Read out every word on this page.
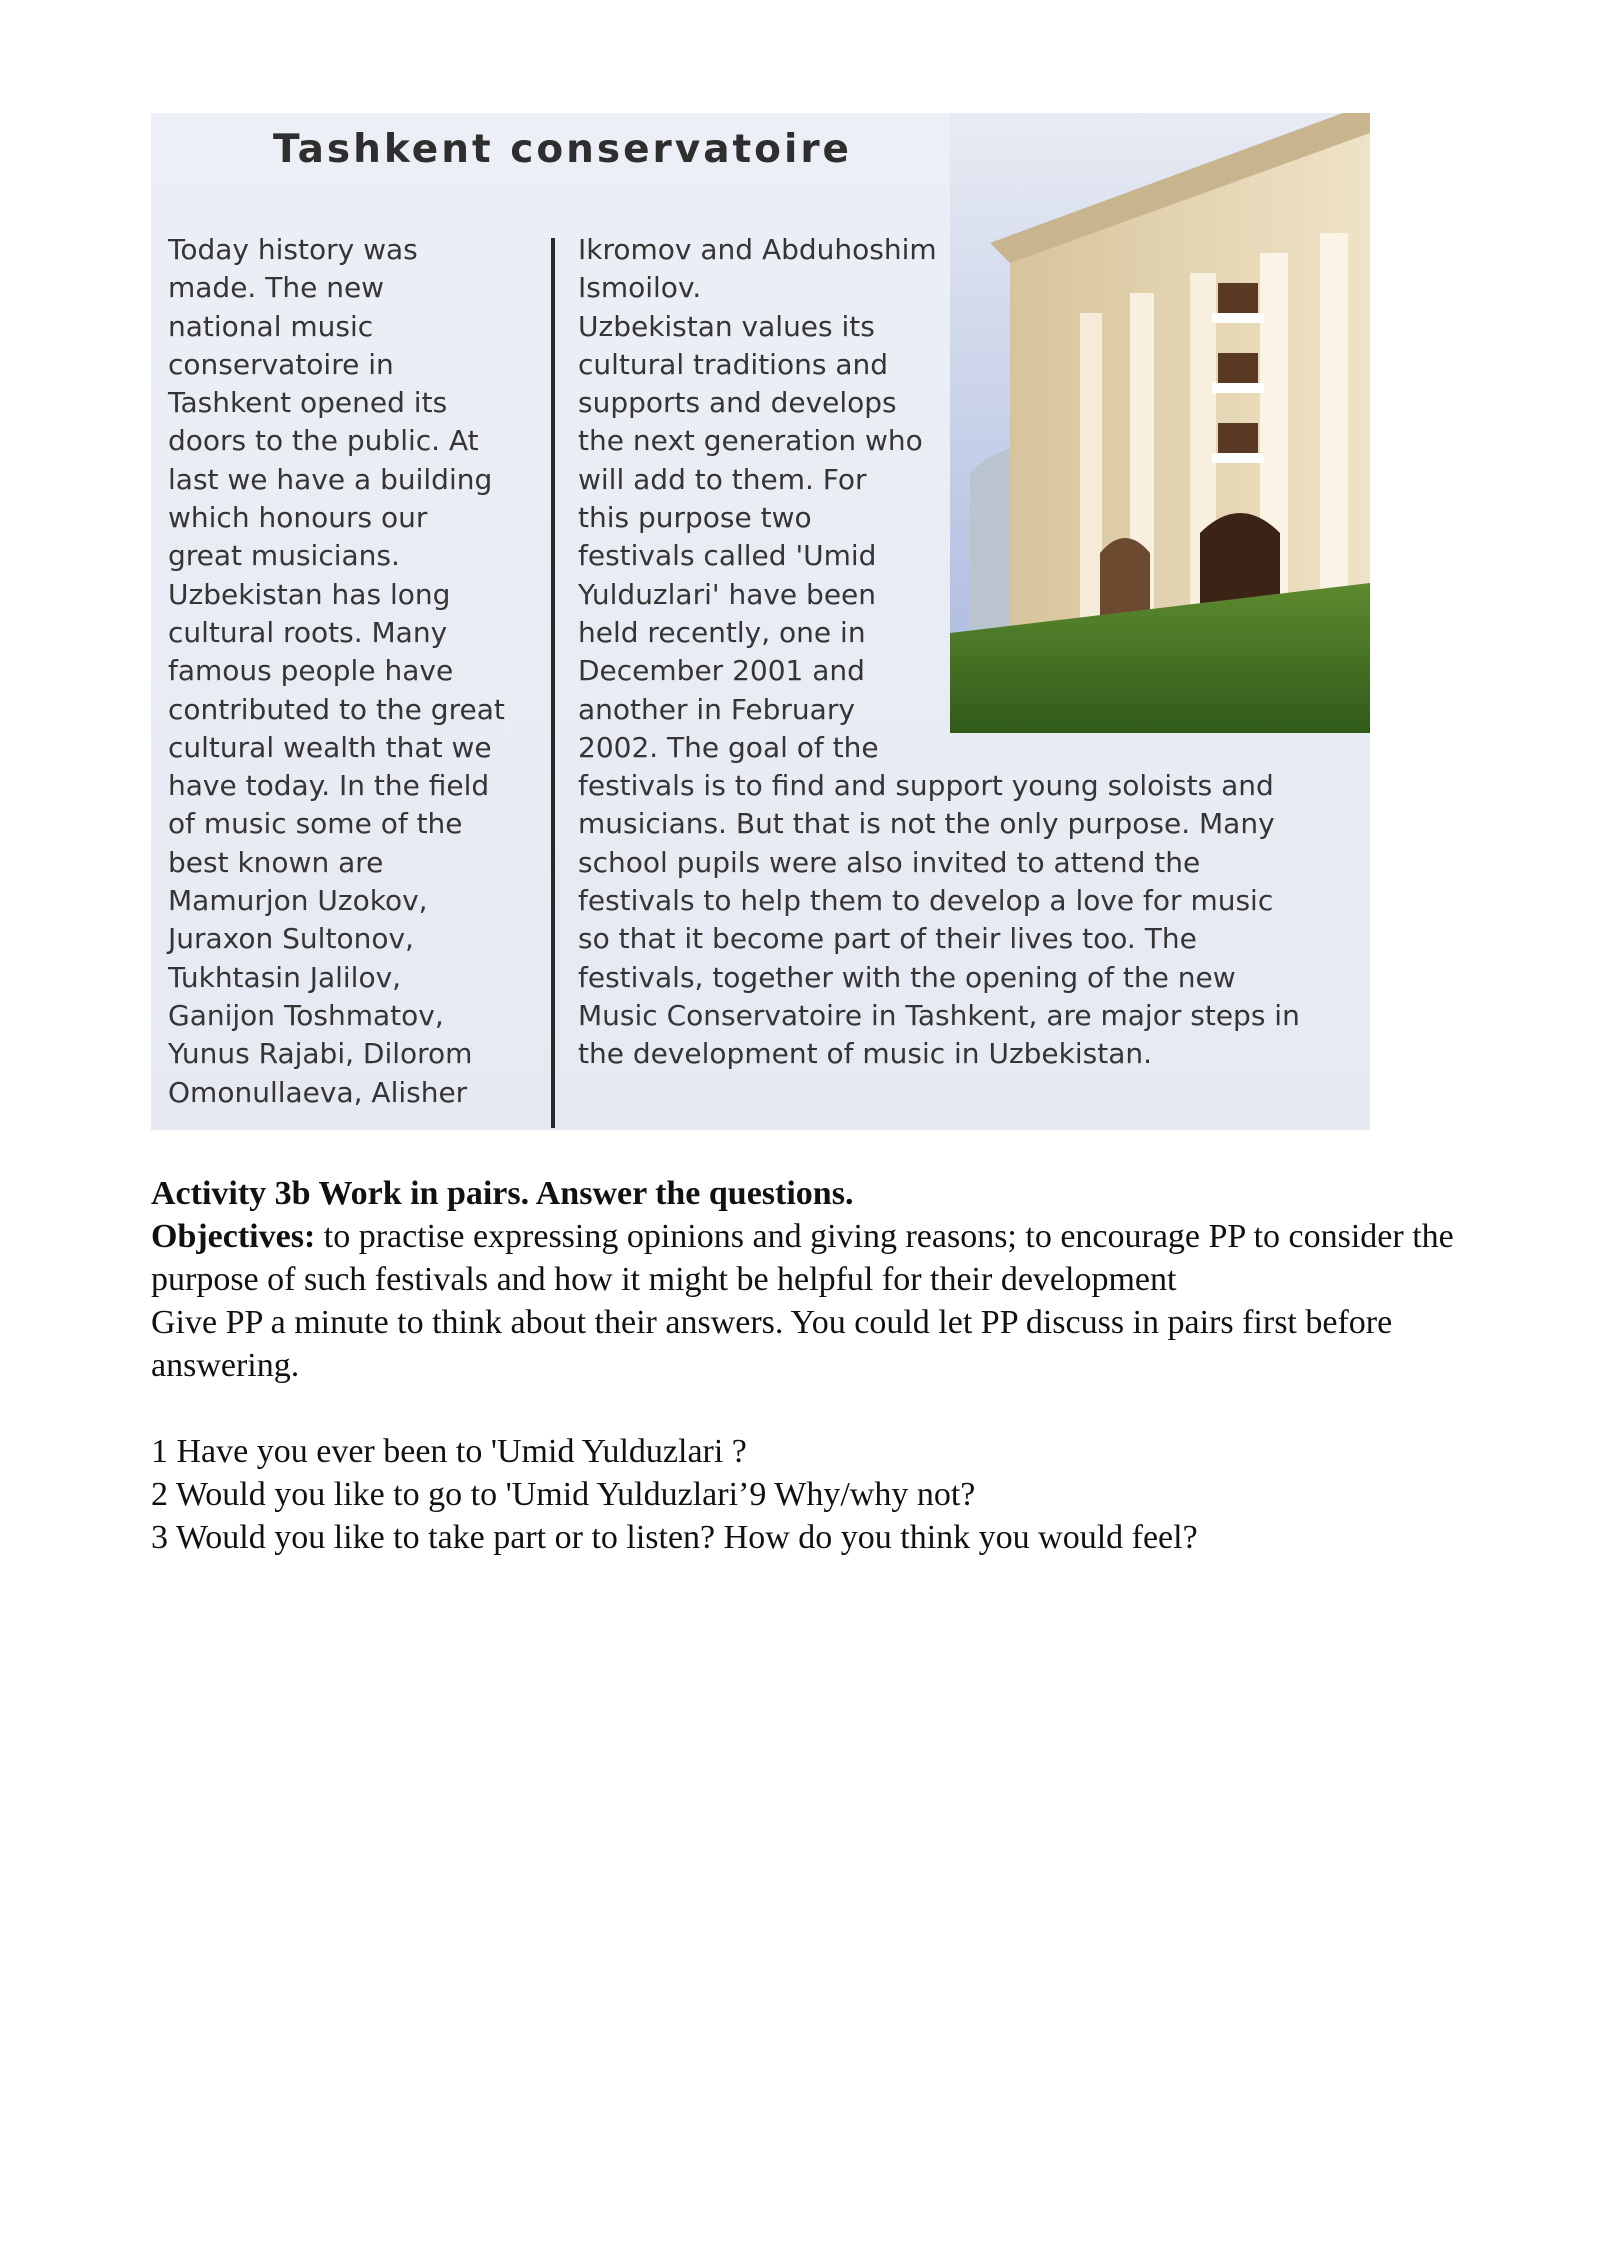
Tashkent conservatoire

Today history was
made. The new
national music
conservatoire in
Tashkent opened its
doors to the public. At
last we have a building
which honours our
great musicians.
Uzbekistan has long
cultural roots. Many
famous people have
contributed to the great
cultural wealth that we
have today. In the field
of music some of the
best known are
Mamurjon Uzokov,
Juraxon Sultonov,
Tukhtasin Jalilov,
Ganijon Toshmatov,
Yunus Rajabi, Dilorom
Omonullaeva, Alisher

Ikromov and Abduhoshim
Ismoilov.
Uzbekistan values its
cultural traditions and
supports and develops
the next generation who
will add to them. For
this purpose two
festivals called 'Umid
Yulduzlari' have been
held recently, one in
December 2001 and
another in February
2002. The goal of the
festivals is to find and support young soloists and
musicians. But that is not the only purpose. Many
school pupils were also invited to attend the
festivals to help them to develop a love for music
so that it become part of their lives too. The
festivals, together with the opening of the new
Music Conservatoire in Tashkent, are major steps in
the development of music in Uzbekistan.

Activity 3b Work in pairs. Answer the questions.
Objectives: to practise expressing opinions and giving reasons; to encourage PP to consider the purpose of such festivals and how it might be helpful for their development
Give PP a minute to think about their answers. You could let PP discuss in pairs first before answering.

1 Have you ever been to 'Umid Yulduzlari ?
2 Would you like to go to 'Umid Yulduzlari’9 Why/why not?
3 Would you like to take part or to listen? How do you think you would feel?
